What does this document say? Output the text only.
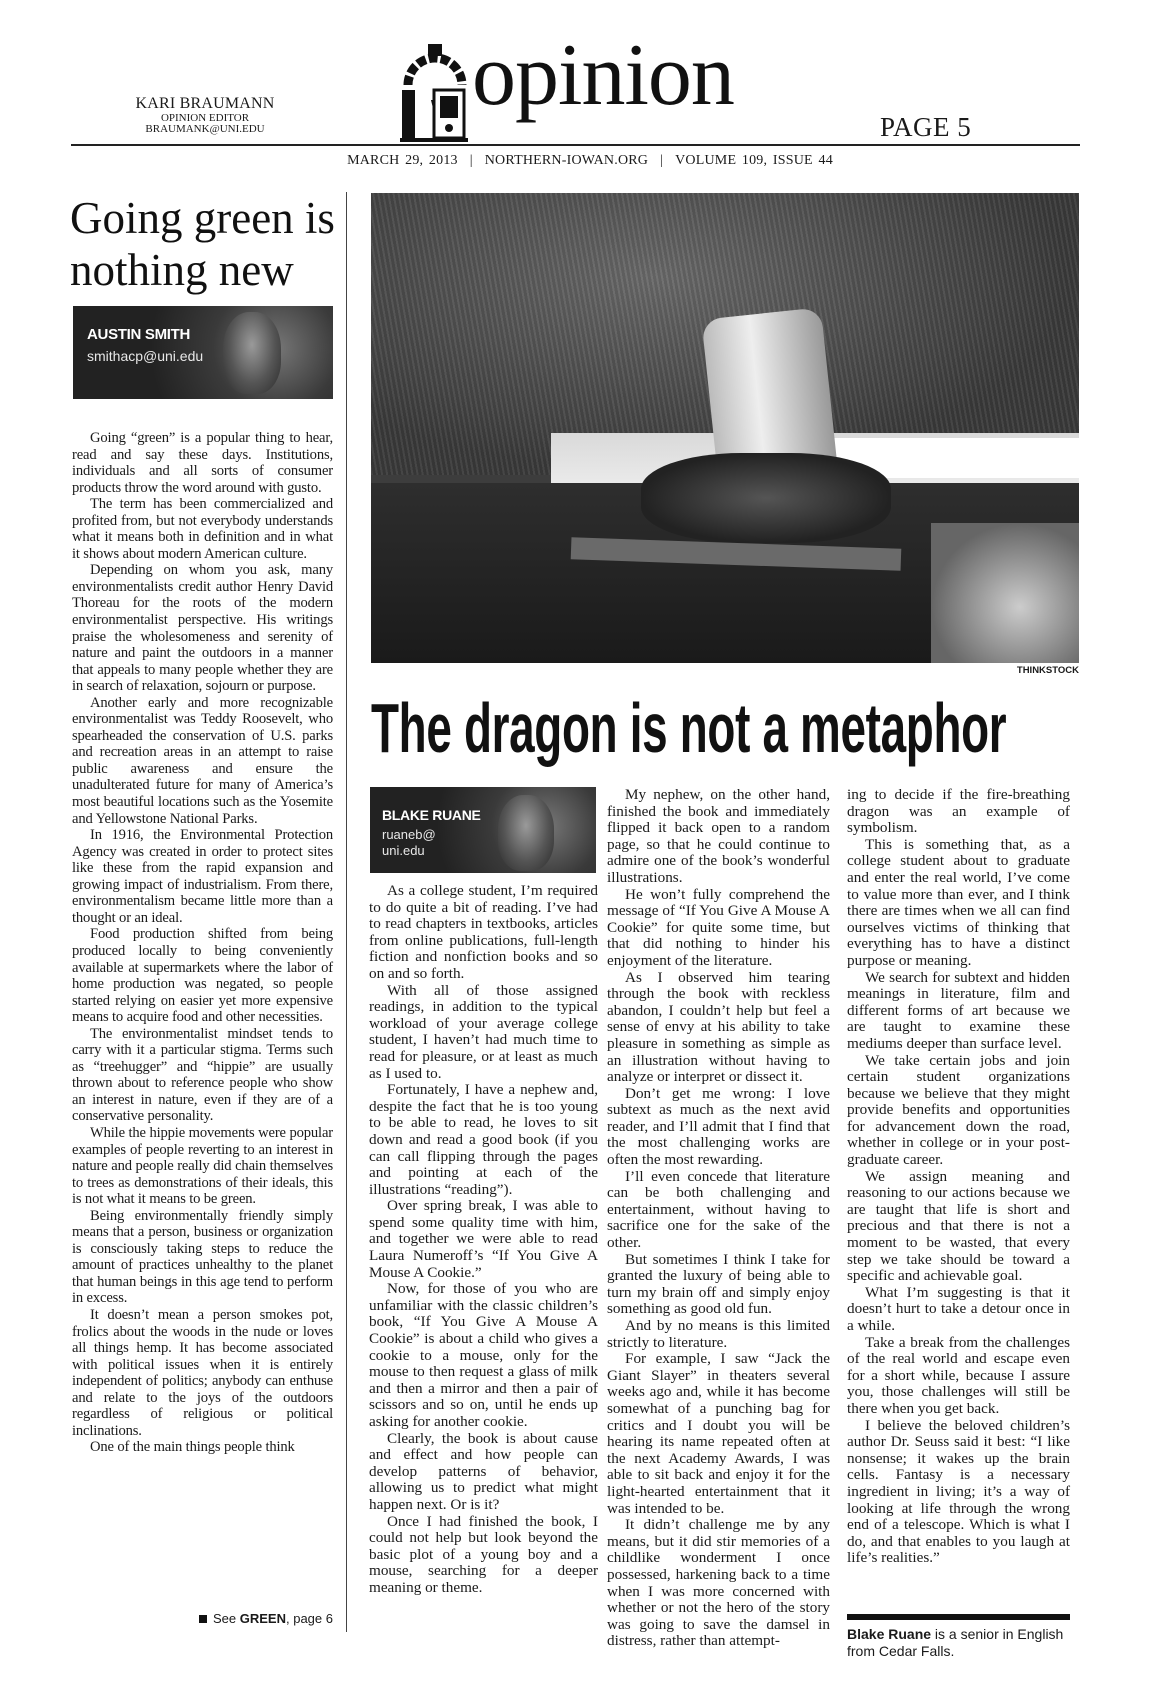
KARI BRAUMANN
OPINION EDITOR
BRAUMANK@UNI.EDU
opinion
PAGE 5
MARCH 29, 2013 | NORTHERN-IOWAN.ORG | VOLUME 109, ISSUE 44
Going green is nothing new
AUSTIN SMITH
smithacp@uni.edu

Going “green” is a popular thing to hear, read and say these days. Institutions, individuals and all sorts of consumer products throw the word around with gusto.

The term has been commercialized and profited from, but not everybody understands what it means both in definition and in what it shows about modern American culture.

Depending on whom you ask, many environmentalists credit author Henry David Thoreau for the roots of the modern environmentalist perspective. His writings praise the wholesomeness and serenity of nature and paint the outdoors in a manner that appeals to many people whether they are in search of relaxation, sojourn or purpose.

Another early and more recognizable environmentalist was Teddy Roosevelt, who spearheaded the conservation of U.S. parks and recreation areas in an attempt to raise public awareness and ensure the unadulterated future for many of America’s most beautiful locations such as the Yosemite and Yellowstone National Parks.

In 1916, the Environmental Protection Agency was created in order to protect sites like these from the rapid expansion and growing impact of industrialism. From there, environmentalism became little more than a thought or an ideal.

Food production shifted from being produced locally to being conveniently available at supermarkets where the labor of home production was negated, so people started relying on easier yet more expensive means to acquire food and other necessities.

The environmentalist mindset tends to carry with it a particular stigma. Terms such as “treehugger” and “hippie” are usually thrown about to reference people who show an interest in nature, even if they are of a conservative personality.

While the hippie movements were popular examples of people reverting to an interest in nature and people really did chain themselves to trees as demonstrations of their ideals, this is not what it means to be green.

Being environmentally friendly simply means that a person, business or organization is consciously taking steps to reduce the amount of practices unhealthy to the planet that human beings in this age tend to perform in excess.

It doesn’t mean a person smokes pot, frolics about the woods in the nude or loves all things hemp. It has become associated with political issues when it is entirely independent of politics; anybody can enthuse and relate to the joys of the outdoors regardless of religious or political inclinations.

One of the main things people think

See GREEN, page 6
THINKSTOCK
The dragon is not a metaphor
BLAKE RUANE
ruaneb@
uni.edu

As a college student, I’m required to do quite a bit of reading. I’ve had to read chapters in textbooks, articles from online publications, full-length fiction and nonfiction books and so on and so forth.

With all of those assigned readings, in addition to the typical workload of your average college student, I haven’t had much time to read for pleasure, or at least as much as I used to.

Fortunately, I have a nephew and, despite the fact that he is too young to be able to read, he loves to sit down and read a good book (if you can call flipping through the pages and pointing at each of the illustrations “reading”).

Over spring break, I was able to spend some quality time with him, and together we were able to read Laura Numeroff’s “If You Give A Mouse A Cookie.”

Now, for those of you who are unfamiliar with the classic children’s book, “If You Give A Mouse A Cookie” is about a child who gives a cookie to a mouse, only for the mouse to then request a glass of milk and then a mirror and then a pair of scissors and so on, until he ends up asking for another cookie.

Clearly, the book is about cause and effect and how people can develop patterns of behavior, allowing us to predict what might happen next. Or is it?

Once I had finished the book, I could not help but look beyond the basic plot of a young boy and a mouse, searching for a deeper meaning or theme.

My nephew, on the other hand, finished the book and immediately flipped it back open to a random page, so that he could continue to admire one of the book’s wonderful illustrations.

He won’t fully comprehend the message of “If You Give A Mouse A Cookie” for quite some time, but that did nothing to hinder his enjoyment of the literature.

As I observed him tearing through the book with reckless abandon, I couldn’t help but feel a sense of envy at his ability to take pleasure in something as simple as an illustration without having to analyze or interpret or dissect it.

Don’t get me wrong: I love subtext as much as the next avid reader, and I’ll admit that I find that the most challenging works are often the most rewarding.

I’ll even concede that literature can be both challenging and entertainment, without having to sacrifice one for the sake of the other.

But sometimes I think I take for granted the luxury of being able to turn my brain off and simply enjoy something as good old fun.

And by no means is this limited strictly to literature.

For example, I saw “Jack the Giant Slayer” in theaters several weeks ago and, while it has become somewhat of a punching bag for critics and I doubt you will be hearing its name repeated often at the next Academy Awards, I was able to sit back and enjoy it for the light-hearted entertainment that it was intended to be.

It didn’t challenge me by any means, but it did stir memories of a childlike wonderment I once possessed, harkening back to a time when I was more concerned with whether or not the hero of the story was going to save the damsel in distress, rather than attempt-

ing to decide if the fire-breathing dragon was an example of symbolism.

This is something that, as a college student about to graduate and enter the real world, I’ve come to value more than ever, and I think there are times when we all can find ourselves victims of thinking that everything has to have a distinct purpose or meaning.

We search for subtext and hidden meanings in literature, film and different forms of art because we are taught to examine these mediums deeper than surface level.

We take certain jobs and join certain student organizations because we believe that they might provide benefits and opportunities for advancement down the road, whether in college or in your post-graduate career.

We assign meaning and reasoning to our actions because we are taught that life is short and precious and that there is not a moment to be wasted, that every step we take should be toward a specific and achievable goal.

What I’m suggesting is that it doesn’t hurt to take a detour once in a while.

Take a break from the challenges of the real world and escape even for a short while, because I assure you, those challenges will still be there when you get back.

I believe the beloved children’s author Dr. Seuss said it best: “I like nonsense; it wakes up the brain cells. Fantasy is a necessary ingredient in living; it’s a way of looking at life through the wrong end of a telescope. Which is what I do, and that enables to you laugh at life’s realities.”

Blake Ruane is a senior in English from Cedar Falls.
